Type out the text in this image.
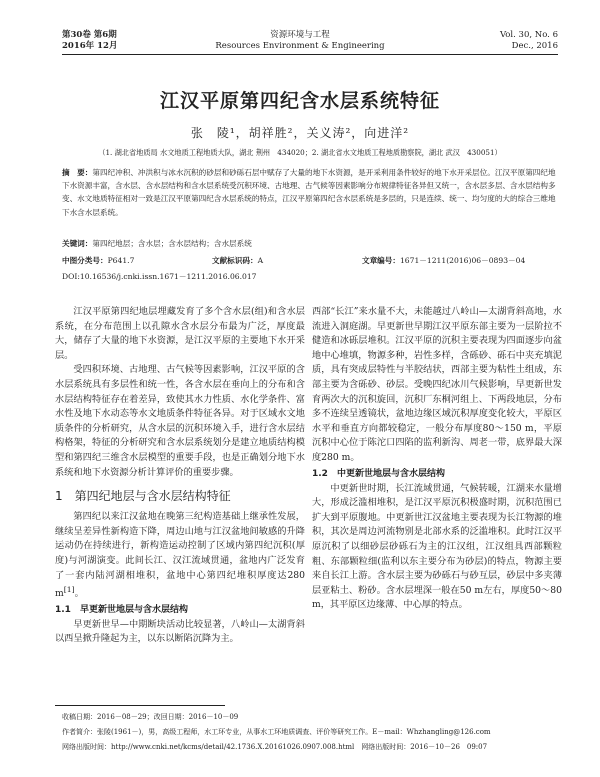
第30卷 第6期
2016年 12月
资源环境与工程
Resources Environment & Engineering
Vol. 30, No. 6
Dec., 2016
江汉平原第四纪含水层系统特征
张　陵¹，胡祥胜²，关义涛²，向进洋²
（1. 湖北省地质局 水文地质工程地质大队，湖北 荆州　434020；2. 湖北省水文地质工程地质勘察院，湖北 武汉　430051）
摘　要：第四纪冲积、冲洪积与冰水沉积的砂层和砂砾石层中赋存了大量的地下水资源，是开采利用条件较好的地下水开采层位。江汉平原第四纪地下水资源丰富，含水层、含水层结构和含水层系统受沉积环境、古地理、古气候等因素影响分布规律特征各异但又统一，含水层多层、含水层结构多变、水文地质特征相对一致是江汉平原第四纪含水层系统的特点，江汉平原第四纪含水层系统是多层的，只是连续、统一、均匀度的大的综合三维地下水含水层系统。
关键词：第四纪地层；含水层；含水层结构；含水层系统
中图分类号：P641.7	文献标识码：A	文章编号：1671－1211(2016)06－0893－04
DOI:10.16536/j.cnki.issn.1671－1211.2016.06.017

江汉平原第四纪地层埋藏发育了多个含水层(组)和含水层系统，在分布范围上以孔隙水含水层分布最为广泛，厚度最大，储存了大量的地下水资源，是江汉平原的主要地下水开采层。

受四积环境、古地理、古气候等因素影响，江汉平原的含水层系统具有多层性和统一性，各含水层在垂向上的分布和含水层结构特征存在着差异，致使其水力性质、水化学条件、富水性及地下水动态等水文地质条件特征各异。对于区域水文地质条件的分析研究，从含水层的沉积环境入手，进行含水层结构格架，特征的分析研究和含水层系统划分是建立地质结构模型和第四纪三维含水层模型的重要手段，也是正确划分地下水系统和地下水资源分析计算评价的重要步骤。

1　第四纪地层与含水层结构特征

第四纪以来江汉盆地在晚第三纪构造基础上继承性发展，继续呈差异性新构造下降，周边山地与江汉盆地间敏感的升降运动仍在持续进行，新构造运动控制了区域内第四纪沉积(厚度)与河湖演变。此间长江、汉江流域贯通，盆地内广泛发育了一套内陆河湖相堆积，盆地中心第四纪堆积厚度达280 m[1]。

1.1　早更新世地层与含水层结构

早更新世早—中期断块活动比较显著，八岭山—太湖背斜以西呈掀升隆起为主，以东以断陷沉降为主。

西部“长江”来水量不大，未能越过八岭山—太湖背斜高地，水流进入洞庭湖。早更新世早期江汉平原东部主要为一层阶拉不健造和冰砾层堆积。江汉平原的沉积主要表现为四面逐步向盆地中心堆填，物源多种，岩性多样，含砾砂、砾石中夹充填泥质，具有突成层特性与半胶结状，西部主要为粘性土组成，东部主要为含砾砂、砂层。受晚四纪冰川气候影响，早更新世发育两次大的沉积旋回，沉积厂东桐河组上、下两段地层，分布多不连续呈透镜状，盆地边缘区域沉积厚度变化较大，平原区水平和垂直方向都较稳定，一般分布厚度80～150 m，平原沉积中心位于陈沱口四陷的监利新沟、周老一带，底界最大深度280 m。

1.2　中更新世地层与含水层结构

中更新世时期，长江流域贯通，气候转暖，江湖来水量增大，形成泛滥相堆积，是江汉平原沉积极盛时期，沉积范围已扩大到平原腹地。中更新世江汉盆地主要表现为长江物源的堆积，其次是周边河流物别是北部水系的泛滥堆积。此时江汉平原沉积了以细砂层砂砾石为主的江汉组，江汉组具西部颗粒粗、东部颗粒细(监利以东主要分布为砂层)的特点，物源主要来自长江上游。含水层主要为砂砾石与砂互层，砂层中多夹薄层亚粘土、粉砂。含水层埋深一般在50 m左右，厚度50～80 m，其平原区边缘薄、中心厚的特点。

收稿日期：2016－08－29；改回日期：2016－10－09
作者简介：张陵(1961－)，男，高级工程师，水工环专业，从事水工环地质调查、评价等研究工作。E－mail：Whzhangling@126.com
网络出版时间：http://www.cnki.net/kcms/detail/42.1736.X.20161026.0907.008.html　网络出版时间：2016－10－26　09:07
